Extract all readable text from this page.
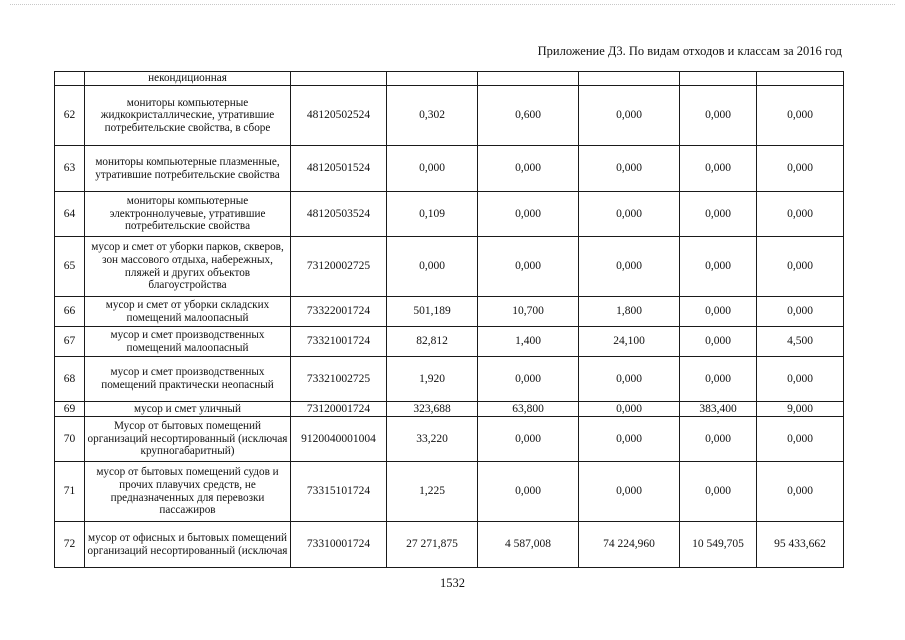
Приложение Д3. По видам отходов и классам за 2016 год
	некондиционная						
62	мониторы компьютерные жидкокристаллические, утратившие потребительские свойства, в сборе	48120502524	0,302	0,600	0,000	0,000	0,000
63	мониторы компьютерные плазменные, утратившие потребительские свойства	48120501524	0,000	0,000	0,000	0,000	0,000
64	мониторы компьютерные электроннолучевые, утратившие потребительские свойства	48120503524	0,109	0,000	0,000	0,000	0,000
65	мусор и смет от уборки парков, скверов, зон массового отдыха, набережных, пляжей и других объектов благоустройства	73120002725	0,000	0,000	0,000	0,000	0,000
66	мусор и смет от уборки складских помещений малоопасный	73322001724	501,189	10,700	1,800	0,000	0,000
67	мусор и смет производственных помещений малоопасный	73321001724	82,812	1,400	24,100	0,000	4,500
68	мусор и смет производственных помещений практически неопасный	73321002725	1,920	0,000	0,000	0,000	0,000
69	мусор и смет уличный	73120001724	323,688	63,800	0,000	383,400	9,000
70	Мусор от бытовых помещений организаций несортированный (исключая крупногабаритный)	9120040001004	33,220	0,000	0,000	0,000	0,000
71	мусор от бытовых помещений судов и прочих плавучих средств, не предназначенных для перевозки пассажиров	73315101724	1,225	0,000	0,000	0,000	0,000
72	мусор от офисных и бытовых помещений организаций несортированный (исключая	73310001724	27 271,875	4 587,008	74 224,960	10 549,705	95 433,662
1532
